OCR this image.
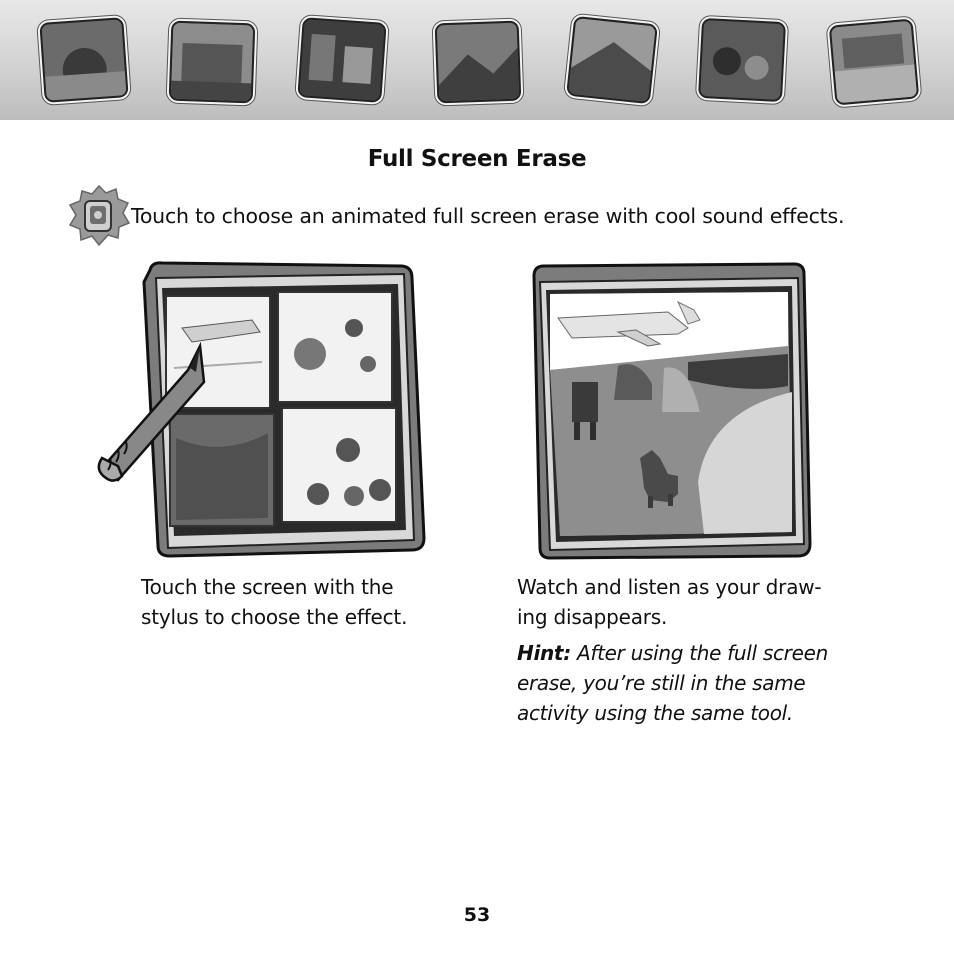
Full Screen Erase
Touch to choose an animated full screen erase with cool sound effects.
Touch the screen with the
stylus to choose the effect.
Watch and listen as your draw-
ing disappears.
Hint: After using the full screen
erase, you’re still in the same
activity using the same tool.
53
